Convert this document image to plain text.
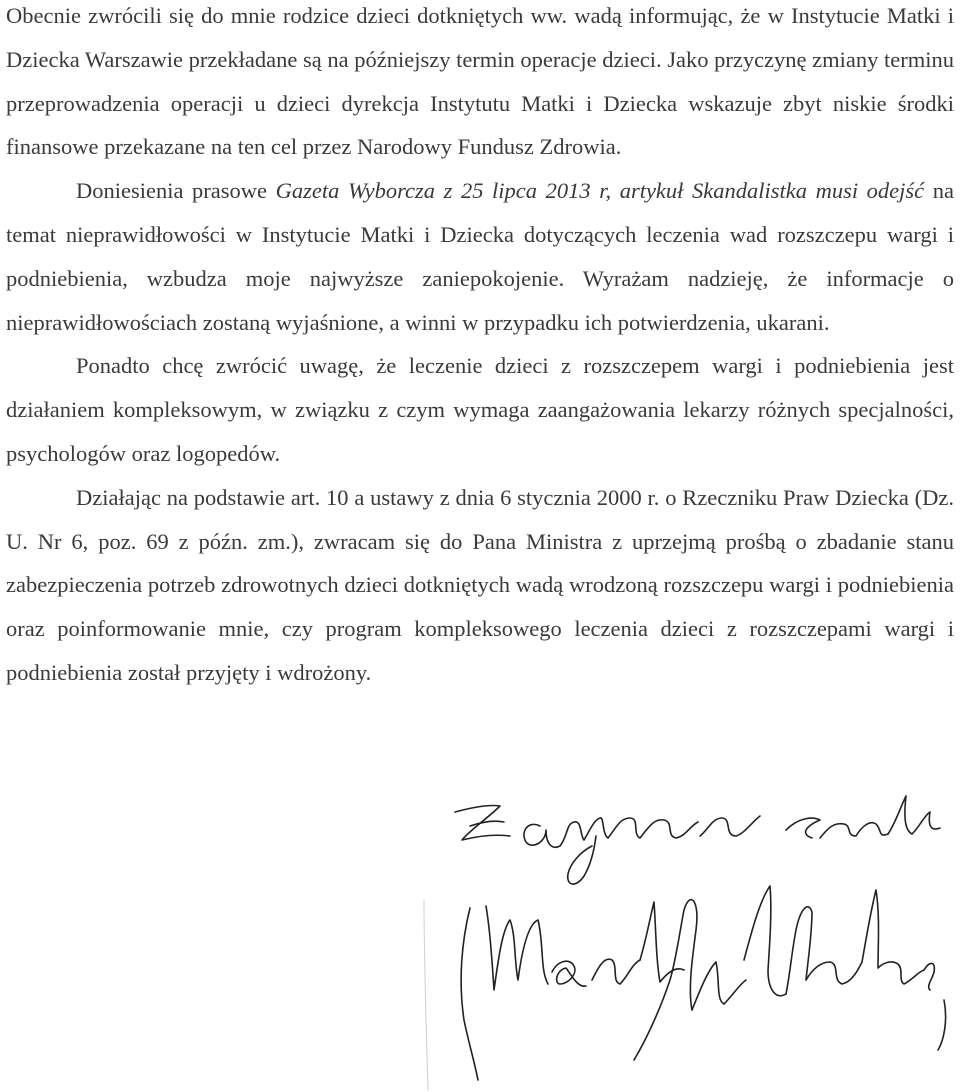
Obecnie zwrócili się do mnie rodzice dzieci dotkniętych ww. wadą informując, że w Instytucie Matki i Dziecka Warszawie przekładane są na późniejszy termin operacje dzieci. Jako przyczynę zmiany terminu przeprowadzenia operacji u dzieci dyrekcja Instytutu Matki i Dziecka wskazuje zbyt niskie środki finansowe przekazane na ten cel przez Narodowy Fundusz Zdrowia.

Doniesienia prasowe Gazeta Wyborcza z 25 lipca 2013 r, artykuł Skandalistka musi odejść na temat nieprawidłowości w Instytucie Matki i Dziecka dotyczących leczenia wad rozszczepu wargi i podniebienia, wzbudza moje najwyższe zaniepokojenie. Wyrażam nadzieję, że informacje o nieprawidłowościach zostaną wyjaśnione, a winni w przypadku ich potwierdzenia, ukarani.

Ponadto chcę zwrócić uwagę, że leczenie dzieci z rozszczepem wargi i podniebienia jest działaniem kompleksowym, w związku z czym wymaga zaangażowania lekarzy różnych specjalności, psychologów oraz logopedów.

Działając na podstawie art. 10 a ustawy z dnia 6 stycznia 2000 r. o Rzeczniku Praw Dziecka (Dz. U. Nr 6, poz. 69 z późn. zm.), zwracam się do Pana Ministra z uprzejmą prośbą o zbadanie stanu zabezpieczenia potrzeb zdrowotnych dzieci dotkniętych wadą wrodzoną rozszczepu wargi i podniebienia oraz poinformowanie mnie, czy program kompleksowego leczenia dzieci z rozszczepami wargi i podniebienia został przyjęty i wdrożony.
